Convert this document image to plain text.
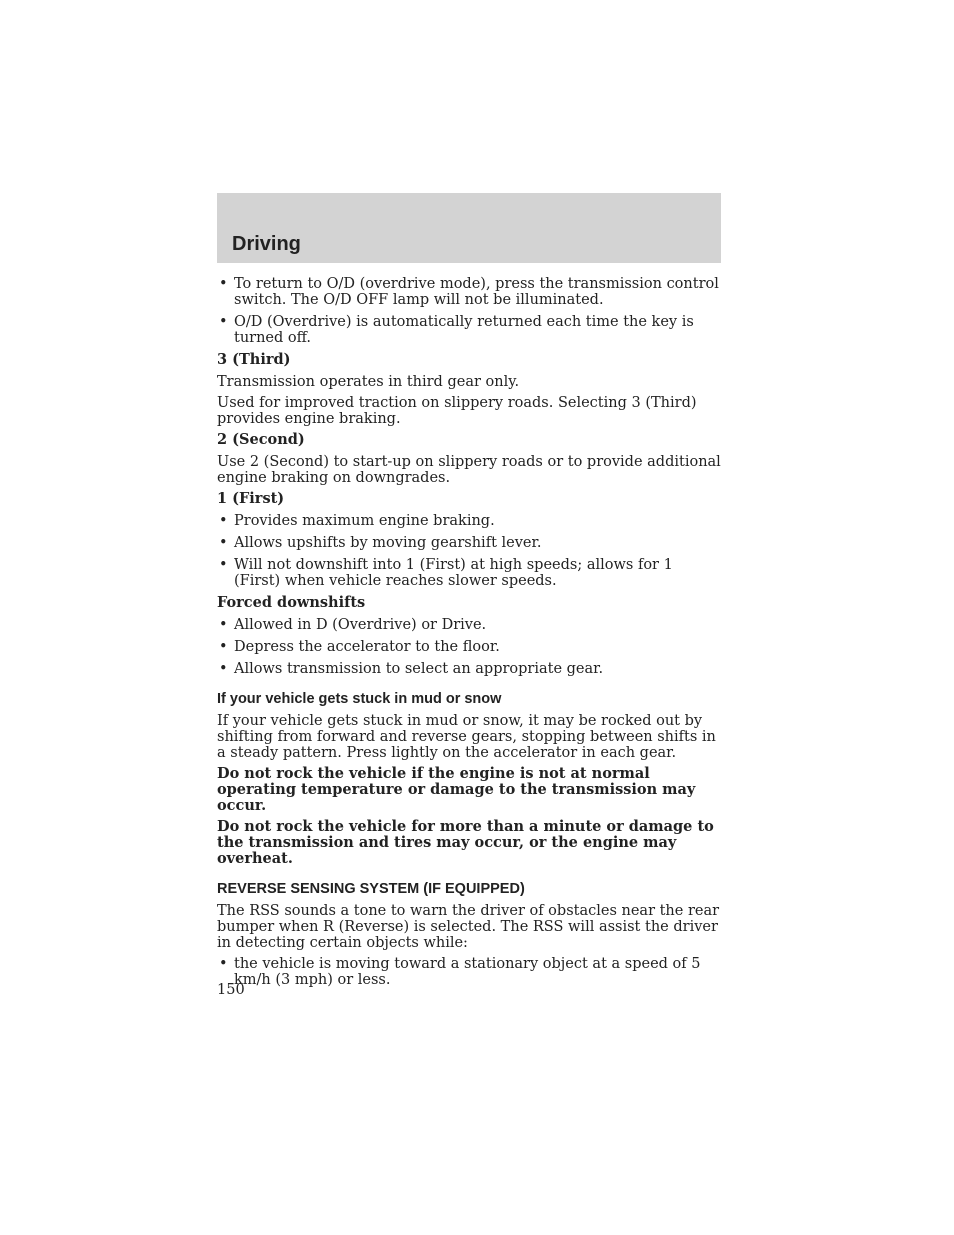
Driving
• To return to O/D (overdrive mode), press the transmission control switch. The O/D OFF lamp will not be illuminated.
• O/D (Overdrive) is automatically returned each time the key is turned off.
3 (Third)

Transmission operates in third gear only.

Used for improved traction on slippery roads. Selecting 3 (Third) provides engine braking.

2 (Second)

Use 2 (Second) to start-up on slippery roads or to provide additional engine braking on downgrades.

1 (First)
• Provides maximum engine braking.
• Allows upshifts by moving gearshift lever.
• Will not downshift into 1 (First) at high speeds; allows for 1 (First) when vehicle reaches slower speeds.
Forced downshifts
• Allowed in D (Overdrive) or Drive.
• Depress the accelerator to the floor.
• Allows transmission to select an appropriate gear.
If your vehicle gets stuck in mud or snow

If your vehicle gets stuck in mud or snow, it may be rocked out by shifting from forward and reverse gears, stopping between shifts in a steady pattern. Press lightly on the accelerator in each gear.

Do not rock the vehicle if the engine is not at normal operating temperature or damage to the transmission may occur.

Do not rock the vehicle for more than a minute or damage to the transmission and tires may occur, or the engine may overheat.

REVERSE SENSING SYSTEM (IF EQUIPPED)

The RSS sounds a tone to warn the driver of obstacles near the rear bumper when R (Reverse) is selected. The RSS will assist the driver in detecting certain objects while:

• the vehicle is moving toward a stationary object at a speed of 5 km/h (3 mph) or less.
150
